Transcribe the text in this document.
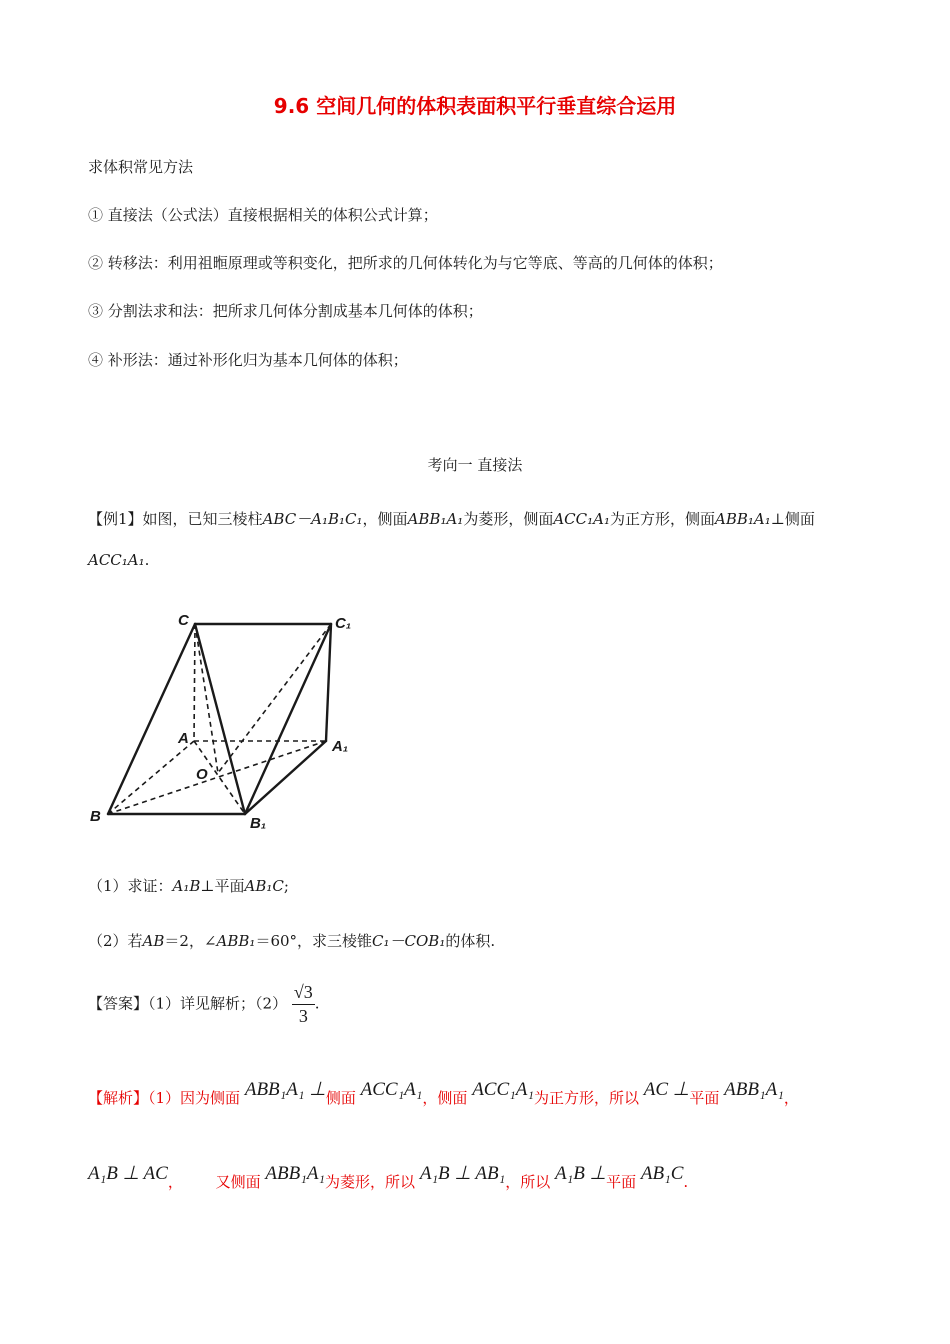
9.6 空间几何的体积表面积平行垂直综合运用
求体积常见方法
① 直接法（公式法）直接根据相关的体积公式计算；
② 转移法：利用祖暅原理或等积变化，把所求的几何体转化为与它等底、等高的几何体的体积；
③ 分割法求和法：把所求几何体分割成基本几何体的体积；
④ 补形法：通过补形化归为基本几何体的体积；
考向一 直接法
【例1】如图，已知三棱柱ABC－A₁B₁C₁，侧面ABB₁A₁为菱形，侧面ACC₁A₁为正方形，侧面ABB₁A₁⊥侧面
ACC₁A₁.
C	C₁
A	A₁
O
B	B₁
（1）求证：A₁B⊥平面AB₁C;
（2）若AB＝2，∠ABB₁＝60°，求三棱锥C₁－COB₁的体积.
【答案】（1）详见解析；$(2) \frac{√3}{3}$ .
【解析】（1）因为侧面 ABB₁A₁ ⊥侧面 ACC₁A₁，侧面 ACC₁A₁为正方形，所以 AC ⊥平面 ABB₁A₁，
A₁B ⊥ AC， 又侧面 ABB₁A₁为菱形，所以 A₁B ⊥ AB₁，所以 A₁B ⊥平面 AB₁C.
